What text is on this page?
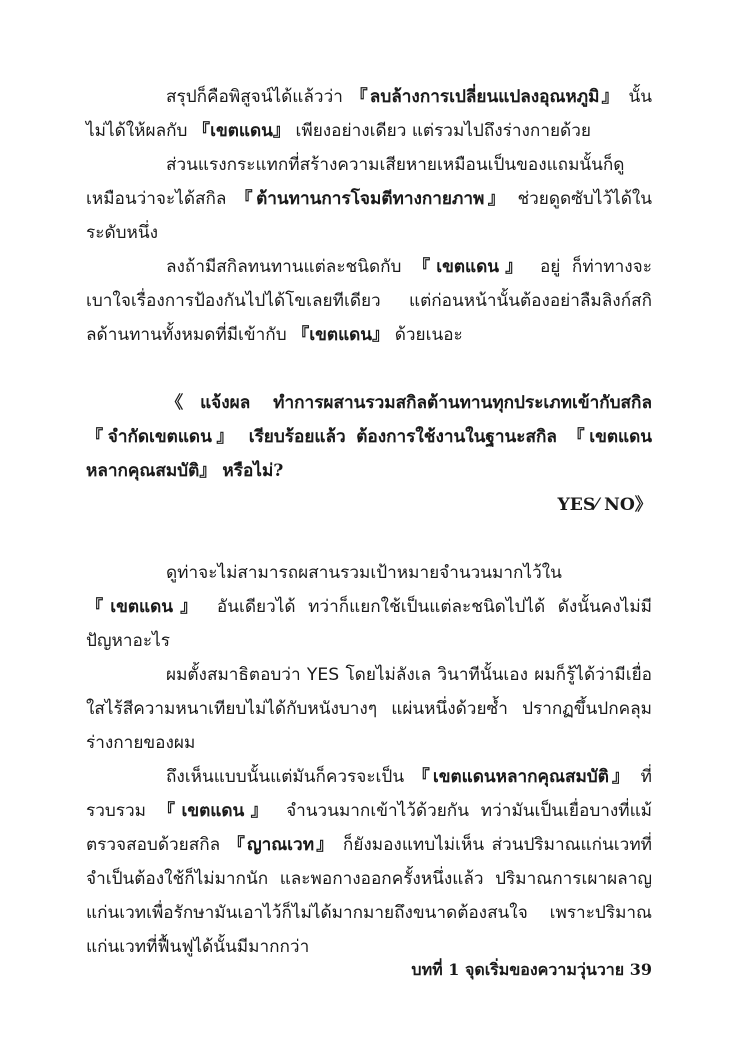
สรุปก็คือพิสูจน์ได้แล้วว่า 『ลบล้างการเปลี่ยนแปลงอุณหภูมิ』 นั้นไม่ได้ให้ผลกับ 『เขตแดน』 เพียงอย่างเดียว แต่รวมไปถึงร่างกายด้วย

ส่วนแรงกระแทกที่สร้างความเสียหายเหมือนเป็นของแถมนั้นก็ดูเหมือนว่าจะได้สกิล 『ต้านทานการโจมตีทางกายภาพ』 ช่วยดูดซับไว้ได้ในระดับหนึ่ง

ลงถ้ามีสกิลทนทานแต่ละชนิดกับ 『เขตแดน』 อยู่ ก็ท่าทางจะเบาใจเรื่องการป้องกันไปได้โขเลยทีเดียว แต่ก่อนหน้านั้นต้องอย่าลืมลิงก์สกิลด้านทานทั้งหมดที่มีเข้ากับ 『เขตแดน』 ด้วยเนอะ

《แจ้งผล ทำการผสานรวมสกิลต้านทานทุกประเภทเข้ากับสกิล 『จำกัดเขตแดน』 เรียบร้อยแล้ว ต้องการใช้งานในฐานะสกิล 『เขตแดนหลากคุณสมบัติ』 หรือไม่?

YES⁄ NO》

ดูท่าจะไม่สามารถผสานรวมเป้าหมายจำนวนมากไว้ใน 『เขตแดน』 อันเดียวได้ ทว่าก็แยกใช้เป็นแต่ละชนิดไปได้ ดังนั้นคงไม่มีปัญหาอะไร

ผมตั้งสมาธิตอบว่า YES โดยไม่ลังเล วินาทีนั้นเอง ผมก็รู้ได้ว่ามีเยื่อใสไร้สีความหนาเทียบไม่ได้กับหนังบางๆ แผ่นหนึ่งด้วยซ้ำ ปรากฏขึ้นปกคลุมร่างกายของผม

ถึงเห็นแบบนั้นแต่มันก็ควรจะเป็น 『เขตแดนหลากคุณสมบัติ』 ที่รวบรวม 『เขตแดน』 จำนวนมากเข้าไว้ด้วยกัน ทว่ามันเป็นเยื่อบางที่แม้ตรวจสอบด้วยสกิล 『ญาณเวท』 ก็ยังมองแทบไม่เห็น ส่วนปริมาณแก่นเวทที่จำเป็นต้องใช้ก็ไม่มากนัก และพอกางออกครั้งหนึ่งแล้ว ปริมาณการเผาผลาญแก่นเวทเพื่อรักษามันเอาไว้ก็ไม่ได้มากมายถึงขนาดต้องสนใจ เพราะปริมาณแก่นเวทที่ฟื้นฟูได้นั้นมีมากกว่า

บทที่ 1 จุดเริ่มของความวุ่นวาย 39
